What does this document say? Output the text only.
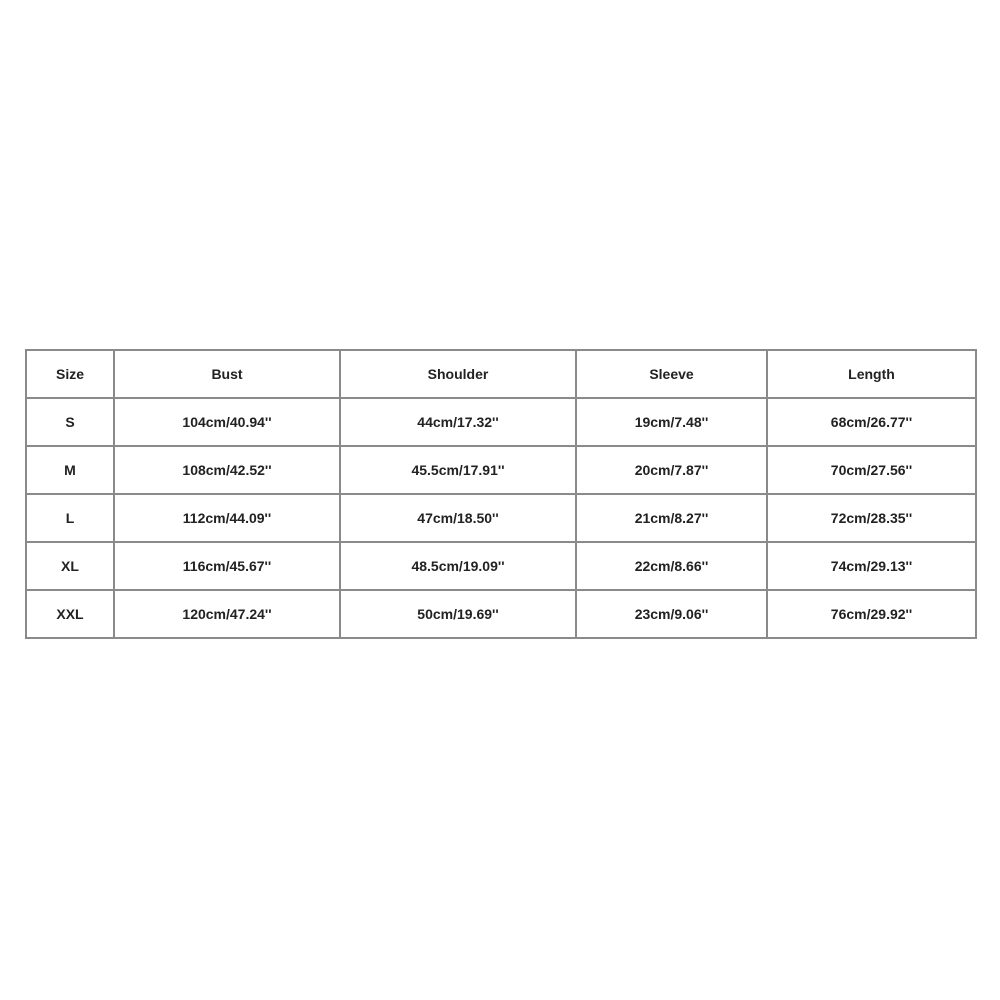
Size	Bust	Shoulder	Sleeve	Length
S	104cm/40.94''	44cm/17.32''	19cm/7.48''	68cm/26.77''
M	108cm/42.52''	45.5cm/17.91''	20cm/7.87''	70cm/27.56''
L	112cm/44.09''	47cm/18.50''	21cm/8.27''	72cm/28.35''
XL	116cm/45.67''	48.5cm/19.09''	22cm/8.66''	74cm/29.13''
XXL	120cm/47.24''	50cm/19.69''	23cm/9.06''	76cm/29.92''
